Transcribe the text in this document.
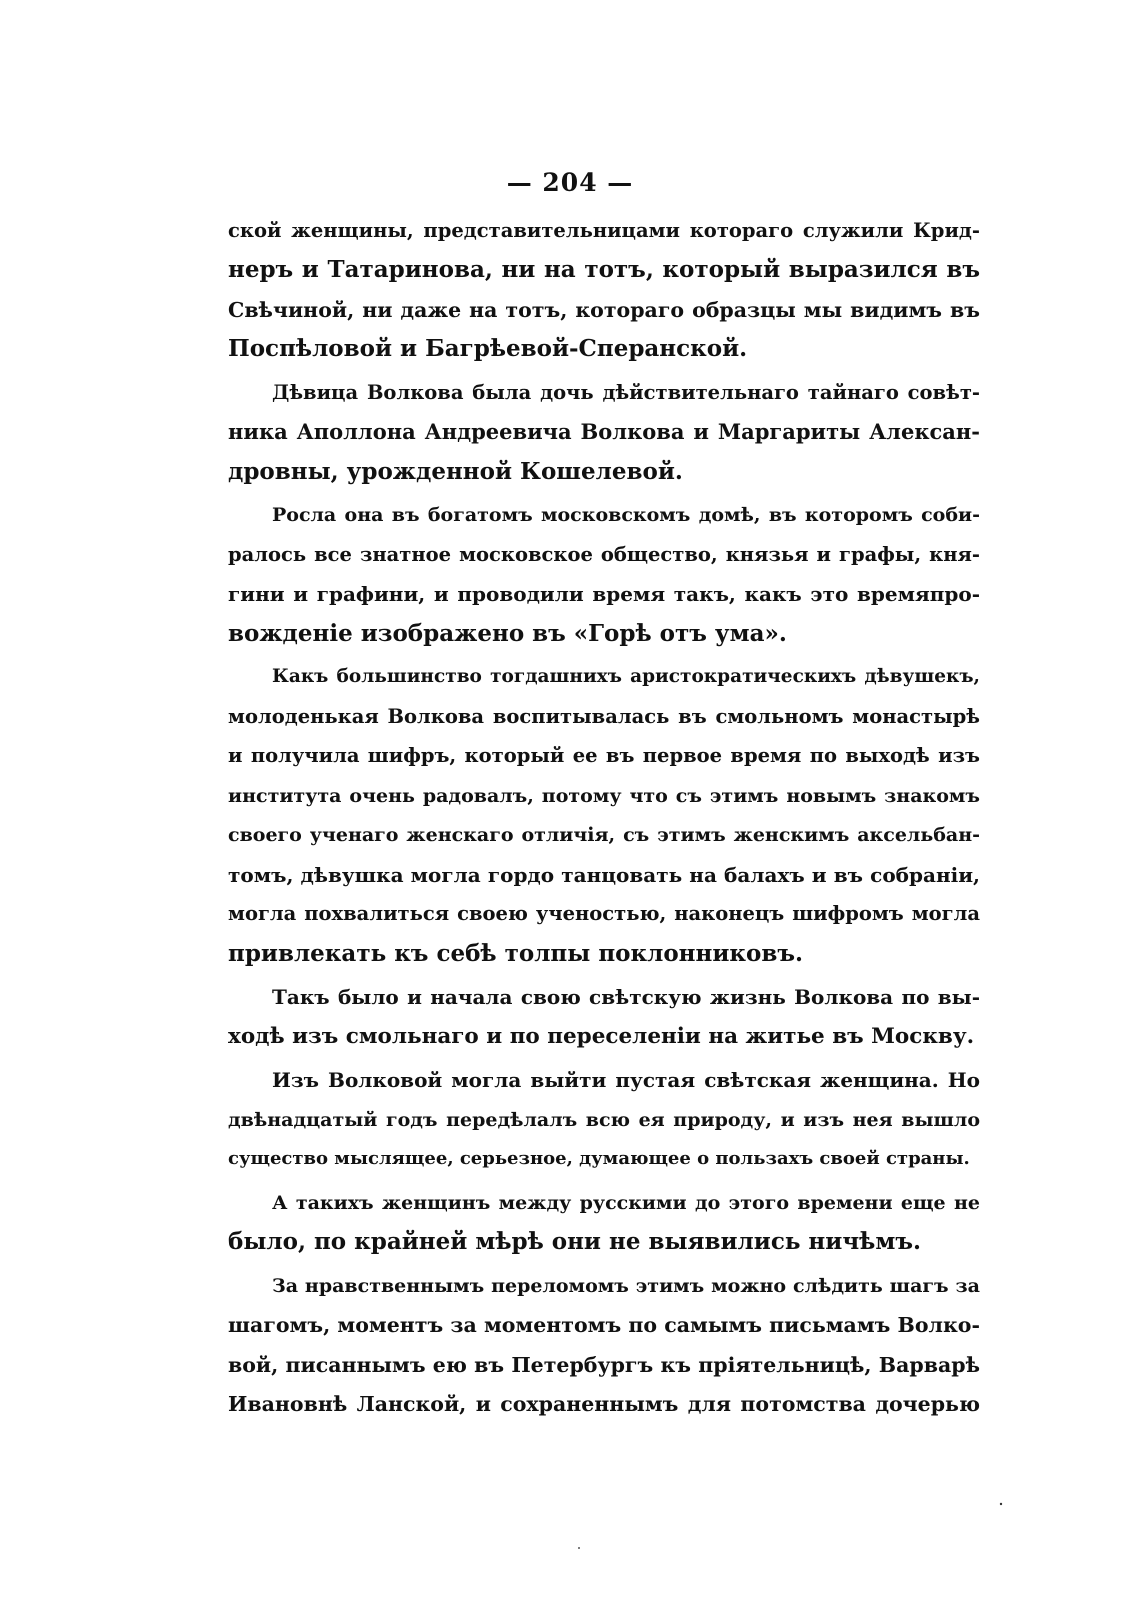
— 204 —
ской женщины, представительницами котораго служили Крид-
неръ и Татаринова, ни на тотъ, который выразился въ
Свѣчиной, ни даже на тотъ, котораго образцы мы видимъ въ
Поспѣловой и Багрѣевой-Сперанской.
Дѣвица Волкова была дочь дѣйствительнаго тайнаго совѣт-
ника Аполлона Андреевича Волкова и Маргариты Алексан-
дровны, урожденной Кошелевой.
Росла она въ богатомъ московскомъ домѣ, въ которомъ соби-
ралось все знатное московское общество, князья и графы, кня-
гини и графини, и проводили время такъ, какъ это времяпро-
вожденіе изображено въ «Горѣ отъ ума».
Какъ большинство тогдашнихъ аристократическихъ дѣвушекъ,
молоденькая Волкова воспитывалась въ смольномъ монастырѣ
и получила шифръ, который ее въ первое время по выходѣ изъ
института очень радовалъ, потому что съ этимъ новымъ знакомъ
своего ученаго женскаго отличія, съ этимъ женскимъ аксельбан-
томъ, дѣвушка могла гордо танцовать на балахъ и въ собраніи,
могла похвалиться своею ученостью, наконецъ шифромъ могла
привлекать къ себѣ толпы поклонниковъ.
Такъ было и начала свою свѣтскую жизнь Волкова по вы-
ходѣ изъ смольнаго и по переселеніи на житье въ Москву.
Изъ Волковой могла выйти пустая свѣтская женщина. Но
двѣнадцатый годъ передѣлалъ всю ея природу, и изъ нея вышло
существо мыслящее, серьезное, думающее о пользахъ своей страны.
А такихъ женщинъ между русскими до этого времени еще не
было, по крайней мѣрѣ они не выявились ничѣмъ.
За нравственнымъ переломомъ этимъ можно слѣдить шагъ за
шагомъ, моментъ за моментомъ по самымъ письмамъ Волко-
вой, писаннымъ ею въ Петербургъ къ пріятельницѣ, Варварѣ
Ивановнѣ Ланской, и сохраненнымъ для потомства дочерью
